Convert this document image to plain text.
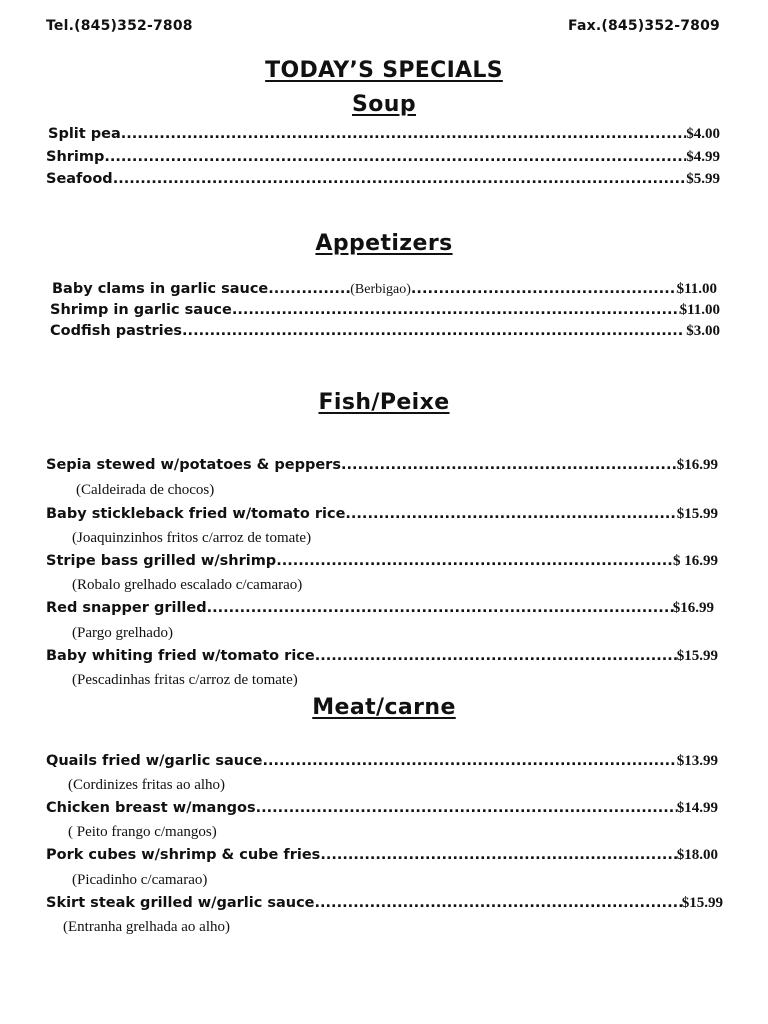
Tel.(845)352-7808	Fax.(845)352-7809
TODAY’S SPECIALS
Soup
Split pea .....	$4.00
Shrimp .....	$4.99
Seafood .....	$5.99
Appetizers
Baby clams in garlic sauce .....	(Berbigao) .....	$11.00
Shrimp in garlic sauce .....	$11.00
Codfish pastries .....	$3.00
Fish/Peixe
Sepia stewed w/potatoes & peppers .....	$16.99
(Caldeirada de chocos)
Baby stickleback fried w/tomato rice .....	$15.99
(Joaquinzinhos fritos c/arroz de tomate)
Stripe bass grilled w/shrimp .....	$ 16.99
(Robalo grelhado escalado c/camarao)
Red snapper grilled .....	$16.99
(Pargo grelhado)
Baby whiting fried w/tomato rice .....	$15.99
(Pescadinhas fritas c/arroz de tomate)
Meat/carne
Quails fried w/garlic sauce .....	$13.99
(Cordinizes fritas ao alho)
Chicken breast w/mangos .....	$14.99
( Peito frango c/mangos)
Pork cubes w/shrimp & cube fries .....	$18.00
(Picadinho c/camarao)
Skirt steak grilled w/garlic sauce .....	$15.99
(Entranha grelhada ao alho)
